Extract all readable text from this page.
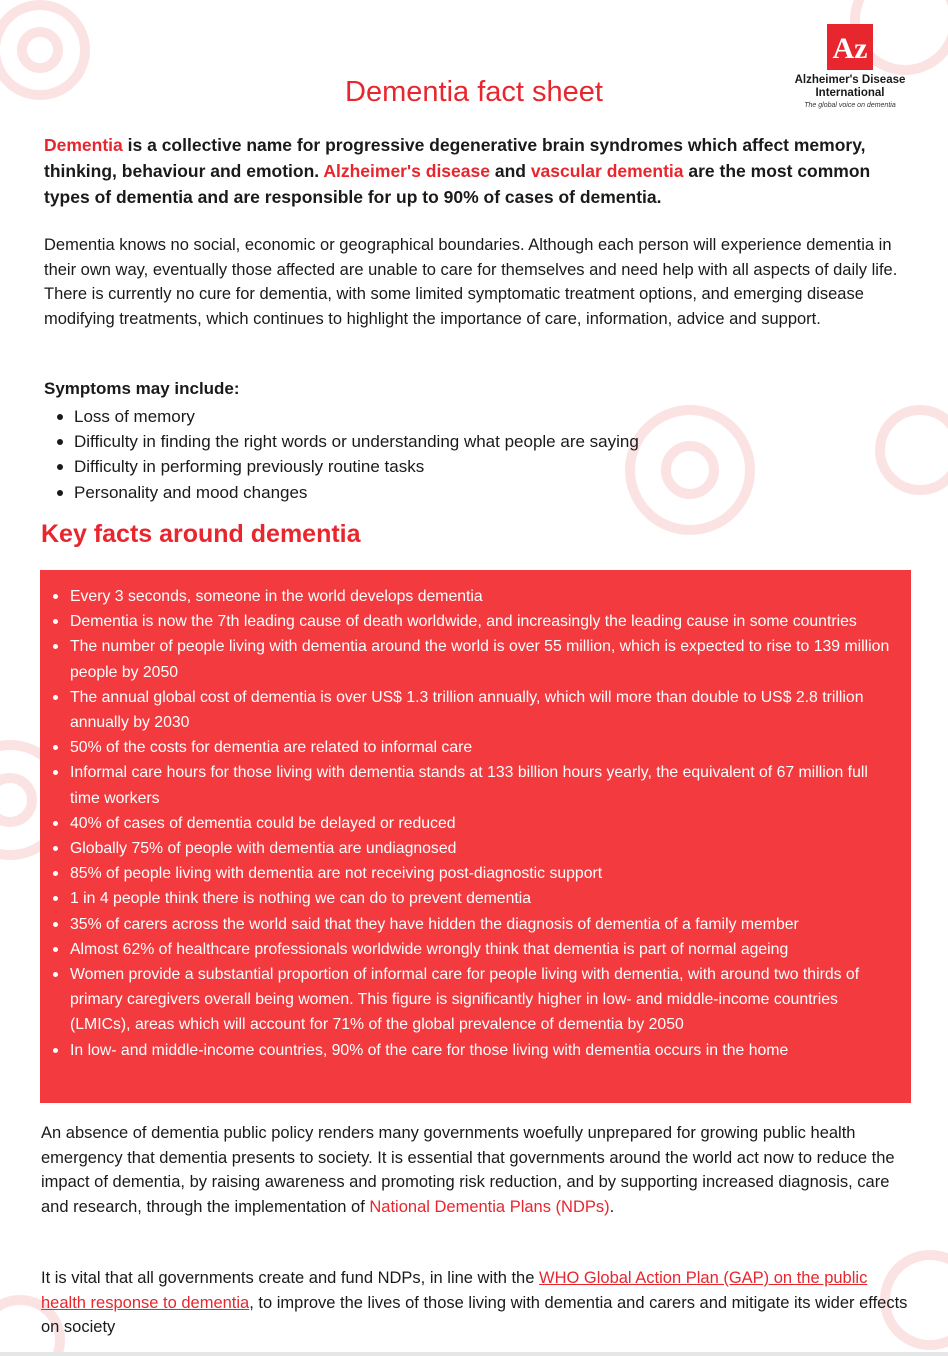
Az
Alzheimer's Disease International
The global voice on dementia
Dementia fact sheet

Dementia is a collective name for progressive degenerative brain syndromes which affect memory, thinking, behaviour and emotion. Alzheimer's disease and vascular dementia are the most common types of dementia and are responsible for up to 90% of cases of dementia.

Dementia knows no social, economic or geographical boundaries. Although each person will experience dementia in their own way, eventually those affected are unable to care for themselves and need help with all aspects of daily life. There is currently no cure for dementia, with some limited symptomatic treatment options, and emerging disease modifying treatments, which continues to highlight the importance of care, information, advice and support.

Symptoms may include:
Loss of memory
Difficulty in finding the right words or understanding what people are saying
Difficulty in performing previously routine tasks
Personality and mood changes
Key facts around dementia
Every 3 seconds, someone in the world develops dementia
Dementia is now the 7th leading cause of death worldwide, and increasingly the leading cause in some countries
The number of people living with dementia around the world is over 55 million, which is expected to rise to 139 million people by 2050
The annual global cost of dementia is over US$ 1.3 trillion annually, which will more than double to US$ 2.8 trillion annually by 2030
50% of the costs for dementia are related to informal care
Informal care hours for those living with dementia stands at 133 billion hours yearly, the equivalent of 67 million full time workers
40% of cases of dementia could be delayed or reduced
Globally 75% of people with dementia are undiagnosed
85% of people living with dementia are not receiving post-diagnostic support
1 in 4 people think there is nothing we can do to prevent dementia
35% of carers across the world said that they have hidden the diagnosis of dementia of a family member
Almost 62% of healthcare professionals worldwide wrongly think that dementia is part of normal ageing
Women provide a substantial proportion of informal care for people living with dementia, with around two thirds of primary caregivers overall being women. This figure is significantly higher in low- and middle-income countries (LMICs), areas which will account for 71% of the global prevalence of dementia by 2050
In low- and middle-income countries, 90% of the care for those living with dementia occurs in the home

An absence of dementia public policy renders many governments woefully unprepared for growing public health emergency that dementia presents to society. It is essential that governments around the world act now to reduce the impact of dementia, by raising awareness and promoting risk reduction, and by supporting increased diagnosis, care and research, through the implementation of National Dementia Plans (NDPs).

It is vital that all governments create and fund NDPs, in line with the WHO Global Action Plan (GAP) on the public health response to dementia, to improve the lives of those living with dementia and carers and mitigate its wider effects on society
